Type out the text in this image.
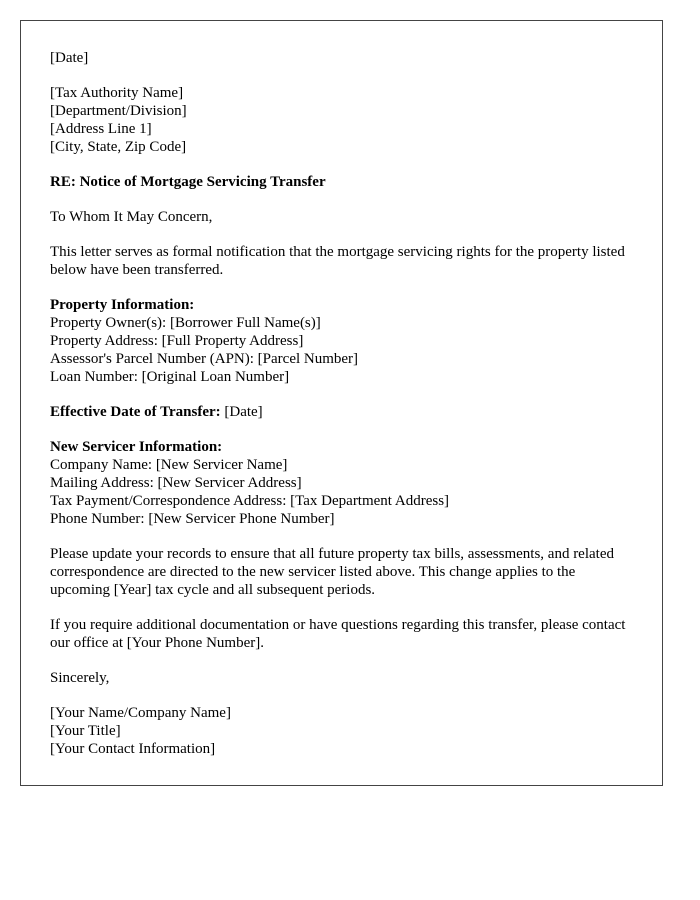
[Date]

[Tax Authority Name]
[Department/Division]
[Address Line 1]
[City, State, Zip Code]

RE: Notice of Mortgage Servicing Transfer

To Whom It May Concern,

This letter serves as formal notification that the mortgage servicing rights for the property listed below have been transferred.

Property Information:
Property Owner(s): [Borrower Full Name(s)]
Property Address: [Full Property Address]
Assessor's Parcel Number (APN): [Parcel Number]
Loan Number: [Original Loan Number]

Effective Date of Transfer: [Date]

New Servicer Information:
Company Name: [New Servicer Name]
Mailing Address: [New Servicer Address]
Tax Payment/Correspondence Address: [Tax Department Address]
Phone Number: [New Servicer Phone Number]

Please update your records to ensure that all future property tax bills, assessments, and related correspondence are directed to the new servicer listed above. This change applies to the upcoming [Year] tax cycle and all subsequent periods.

If you require additional documentation or have questions regarding this transfer, please contact our office at [Your Phone Number].

Sincerely,

[Your Name/Company Name]
[Your Title]
[Your Contact Information]
